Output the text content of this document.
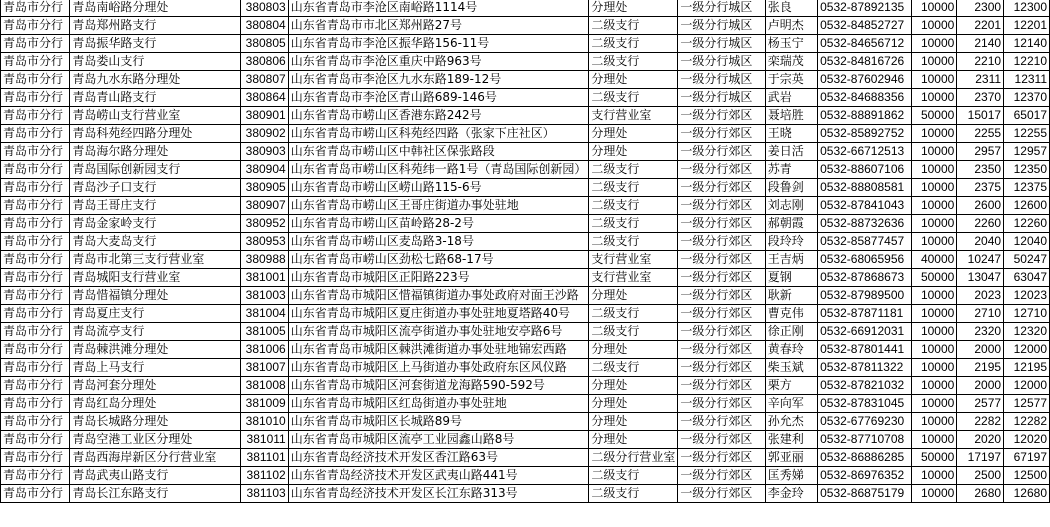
青岛市分行	青岛南峪路分理处	380803	山东省青岛市李沧区南峪路1114号	分理处	一级分行城区	张良	0532-87892135	10000	2300	12300
青岛市分行	青岛郑州路支行	380804	山东省青岛市市北区郑州路27号	二级支行	一级分行城区	卢明杰	0532-84852727	10000	2201	12201
青岛市分行	青岛振华路支行	380805	山东省青岛市李沧区振华路156-11号	二级支行	一级分行城区	杨玉宁	0532-84656712	10000	2140	12140
青岛市分行	青岛娄山支行	380806	山东省青岛市李沧区重庆中路963号	二级支行	一级分行城区	栾瑞茂	0532-84816726	10000	2210	12210
青岛市分行	青岛九水东路分理处	380807	山东省青岛市李沧区九水东路189-12号	分理处	一级分行城区	于宗英	0532-87602946	10000	2311	12311
青岛市分行	青岛青山路支行	380864	山东省青岛市李沧区青山路689-146号	二级支行	一级分行城区	武岩	0532-84688356	10000	2370	12370
青岛市分行	青岛崂山支行营业室	380901	山东省青岛市崂山区香港东路242号	支行营业室	一级分行郊区	聂培胜	0532-88891862	50000	15017	65017
青岛市分行	青岛科苑经四路分理处	380902	山东省青岛市崂山区科苑经四路（张家下庄社区）	分理处	一级分行郊区	王晓	0532-85892752	10000	2255	12255
青岛市分行	青岛海尔路分理处	380903	山东省青岛市崂山区中韩社区保张路段	分理处	一级分行郊区	姜日活	0532-66712513	10000	2957	12957
青岛市分行	青岛国际创新园支行	380904	山东省青岛市崂山区科苑纬一路1号（青岛国际创新园）	二级支行	一级分行郊区	苏青	0532-88607106	10000	2350	12350
青岛市分行	青岛沙子口支行	380905	山东省青岛市崂山区崂山路115-6号	二级支行	一级分行郊区	段鲁剑	0532-88808581	10000	2375	12375
青岛市分行	青岛王哥庄支行	380907	山东省青岛市崂山区王哥庄街道办事处驻地	二级支行	一级分行郊区	刘志刚	0532-87841043	10000	2600	12600
青岛市分行	青岛金家岭支行	380952	山东省青岛市崂山区苗岭路28-2号	二级支行	一级分行郊区	郝朝霞	0532-88732636	10000	2260	12260
青岛市分行	青岛大麦岛支行	380953	山东省青岛市崂山区麦岛路3-18号	二级支行	一级分行郊区	段玲玲	0532-85877457	10000	2040	12040
青岛市分行	青岛市北第三支行营业室	380988	山东省青岛市崂山区劲松七路68-17号	支行营业室	一级分行郊区	王吉炳	0532-68065956	40000	10247	50247
青岛市分行	青岛城阳支行营业室	381001	山东省青岛市城阳区正阳路223号	支行营业室	一级分行郊区	夏钢	0532-87868673	50000	13047	63047
青岛市分行	青岛惜福镇分理处	381003	山东省青岛市城阳区惜福镇街道办事处政府对面王沙路	分理处	一级分行郊区	耿新	0532-87989500	10000	2023	12023
青岛市分行	青岛夏庄支行	381004	山东省青岛市城阳区夏庄街道办事处驻地夏塔路40号	二级支行	一级分行郊区	曹克伟	0532-87871181	10000	2710	12710
青岛市分行	青岛流亭支行	381005	山东省青岛市城阳区流亭街道办事处驻地安亭路6号	二级支行	一级分行郊区	徐正刚	0532-66912031	10000	2320	12320
青岛市分行	青岛棘洪滩分理处	381006	山东省青岛市城阳区棘洪滩街道办事处驻地锦宏西路	分理处	一级分行郊区	黄春玲	0532-87801441	10000	2000	12000
青岛市分行	青岛上马支行	381007	山东省青岛市城阳区上马街道办事处政府东区风仪路	二级支行	一级分行郊区	柴玉斌	0532-87811322	10000	2195	12195
青岛市分行	青岛河套分理处	381008	山东省青岛市城阳区河套街道龙海路590-592号	分理处	一级分行郊区	栗方	0532-87821032	10000	2000	12000
青岛市分行	青岛红岛分理处	381009	山东省青岛市城阳区红岛街道办事处驻地	分理处	一级分行郊区	辛向军	0532-87831045	10000	2577	12577
青岛市分行	青岛长城路分理处	381010	山东省青岛市城阳区长城路89号	分理处	一级分行郊区	孙允杰	0532-67769230	10000	2282	12282
青岛市分行	青岛空港工业区分理处	381011	山东省青岛市城阳区流亭工业园鑫山路8号	分理处	一级分行郊区	张建利	0532-87710708	10000	2020	12020
青岛市分行	青岛西海岸新区分行营业室	381101	山东省青岛经济技术开发区香江路63号	二级分行营业室	一级分行郊区	郭亚丽	0532-86886285	50000	17197	67197
青岛市分行	青岛武夷山路支行	381102	山东省青岛经济技术开发区武夷山路441号	二级支行	一级分行郊区	匡秀娣	0532-86976352	10000	2500	12500
青岛市分行	青岛长江东路支行	381103	山东省青岛经济技术开发区长江东路313号	二级支行	一级分行郊区	李金玲	0532-86875179	10000	2680	12680
